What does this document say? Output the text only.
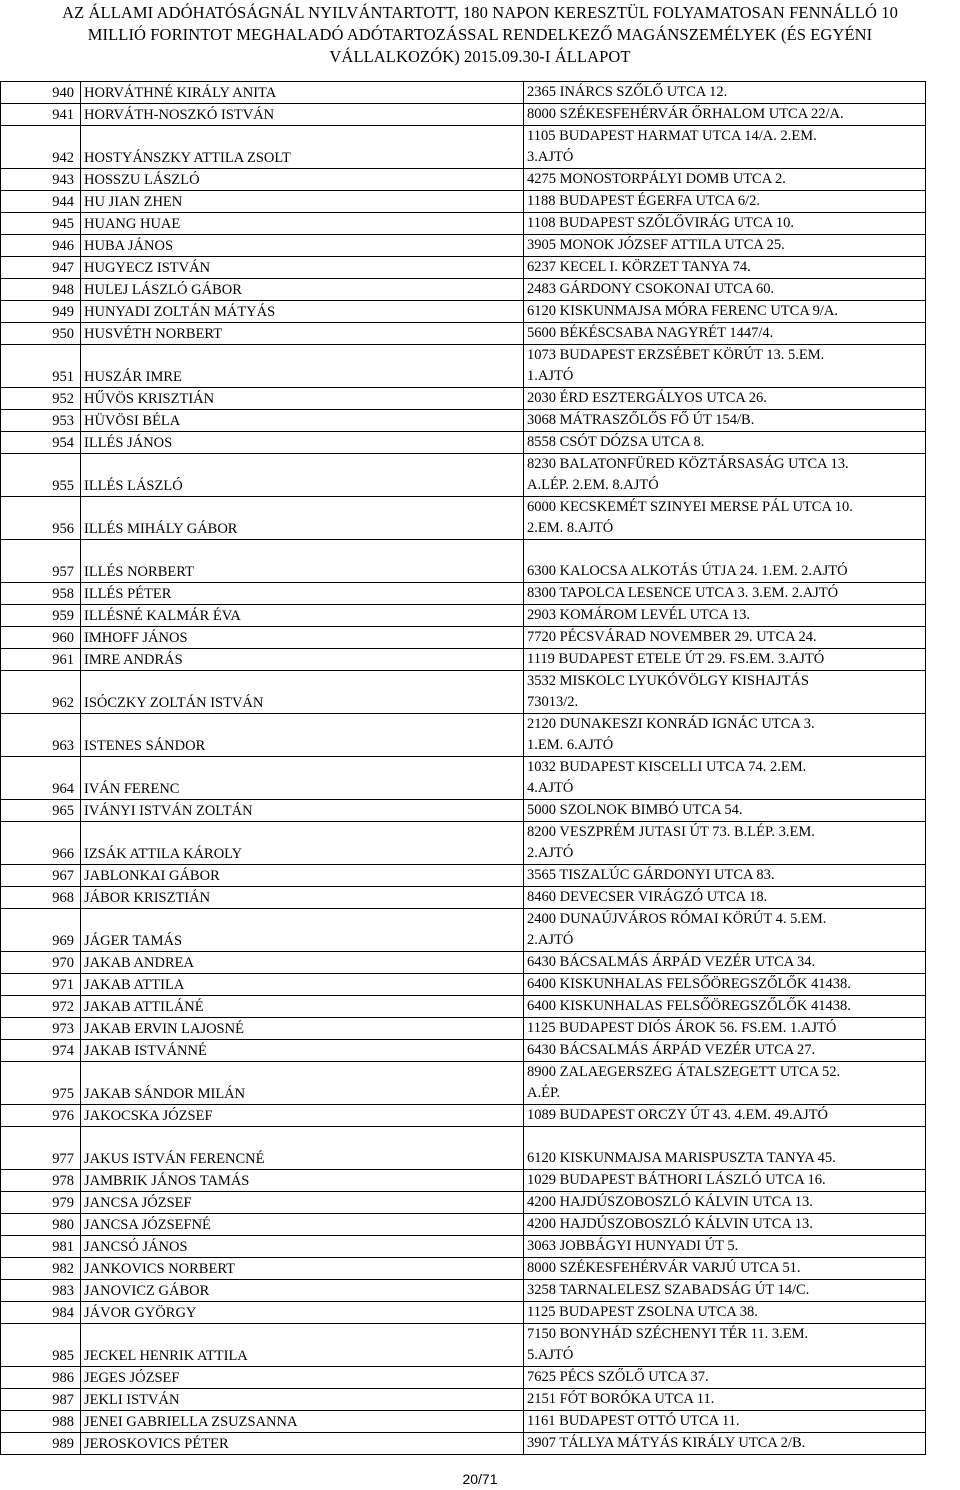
AZ ÁLLAMI ADÓHATÓSÁGNÁL NYILVÁNTARTOTT, 180 NAPON KERESZTÜL FOLYAMATOSAN FENNÁLLÓ 10
MILLIÓ FORINTOT MEGHALADÓ ADÓTARTOZÁSSAL RENDELKEZŐ MAGÁNSZEMÉLYEK (ÉS EGYÉNI
VÁLLALKOZÓK) 2015.09.30-I ÁLLAPOT
940	HORVÁTHNÉ KIRÁLY ANITA	2365 INÁRCS SZŐLŐ UTCA 12.

941	HORVÁTH-NOSZKÓ ISTVÁN	8000 SZÉKESFEHÉRVÁR ŐRHALOM UTCA 22/A.

942	HOSTYÁNSZKY ATTILA ZSOLT	1105 BUDAPEST HARMAT UTCA 14/A. 2.EM.
3.AJTÓ

943	HOSSZU LÁSZLÓ	4275 MONOSTORPÁLYI DOMB UTCA 2.

944	HU JIAN ZHEN	1188 BUDAPEST ÉGERFA UTCA 6/2.

945	HUANG HUAE	1108 BUDAPEST SZŐLŐVIRÁG UTCA 10.

946	HUBA JÁNOS	3905 MONOK JÓZSEF ATTILA UTCA 25.

947	HUGYECZ ISTVÁN	6237 KECEL I. KÖRZET TANYA 74.

948	HULEJ LÁSZLÓ GÁBOR	2483 GÁRDONY CSOKONAI UTCA 60.

949	HUNYADI ZOLTÁN MÁTYÁS	6120 KISKUNMAJSA MÓRA FERENC UTCA 9/A.

950	HUSVÉTH NORBERT	5600 BÉKÉSCSABA NAGYRÉT 1447/4.

951	HUSZÁR IMRE	1073 BUDAPEST ERZSÉBET KÖRÚT 13. 5.EM.
1.AJTÓ

952	HŰVÖS KRISZTIÁN	2030 ÉRD ESZTERGÁLYOS UTCA 26.

953	HÜVÖSI BÉLA	3068 MÁTRASZŐLŐS FŐ ÚT 154/B.

954	ILLÉS JÁNOS	8558 CSÓT DÓZSA UTCA 8.

955	ILLÉS LÁSZLÓ	8230 BALATONFÜRED KÖZTÁRSASÁG UTCA 13.
A.LÉP. 2.EM. 8.AJTÓ

956	ILLÉS MIHÁLY GÁBOR	6000 KECSKEMÉT SZINYEI MERSE PÁL UTCA 10.
2.EM. 8.AJTÓ

957	ILLÉS NORBERT	6300 KALOCSA ALKOTÁS ÚTJA 24. 1.EM. 2.AJTÓ

958	ILLÉS PÉTER	8300 TAPOLCA LESENCE UTCA 3. 3.EM. 2.AJTÓ

959	ILLÉSNÉ KALMÁR ÉVA	2903 KOMÁROM LEVÉL UTCA 13.

960	IMHOFF JÁNOS	7720 PÉCSVÁRAD NOVEMBER 29. UTCA 24.

961	IMRE ANDRÁS	1119 BUDAPEST ETELE ÚT 29. FS.EM. 3.AJTÓ

962	ISÓCZKY ZOLTÁN ISTVÁN	3532 MISKOLC LYUKÓVÖLGY KISHAJTÁS
73013/2.

963	ISTENES SÁNDOR	2120 DUNAKESZI KONRÁD IGNÁC UTCA 3.
1.EM. 6.AJTÓ

964	IVÁN FERENC	1032 BUDAPEST KISCELLI UTCA 74. 2.EM.
4.AJTÓ

965	IVÁNYI ISTVÁN ZOLTÁN	5000 SZOLNOK BIMBÓ UTCA 54.

966	IZSÁK ATTILA KÁROLY	8200 VESZPRÉM JUTASI ÚT 73. B.LÉP. 3.EM.
2.AJTÓ

967	JABLONKAI GÁBOR	3565 TISZALÚC GÁRDONYI UTCA 83.

968	JÁBOR KRISZTIÁN	8460 DEVECSER VIRÁGZÓ UTCA 18.

969	JÁGER TAMÁS	2400 DUNAÚJVÁROS RÓMAI KÖRÚT 4. 5.EM.
2.AJTÓ

970	JAKAB ANDREA	6430 BÁCSALMÁS ÁRPÁD VEZÉR UTCA 34.

971	JAKAB ATTILA	6400 KISKUNHALAS FELSŐÖREGSZŐLŐK 41438.

972	JAKAB ATTILÁNÉ	6400 KISKUNHALAS FELSŐÖREGSZŐLŐK 41438.

973	JAKAB ERVIN LAJOSNÉ	1125 BUDAPEST DIÓS ÁROK 56. FS.EM. 1.AJTÓ

974	JAKAB ISTVÁNNÉ	6430 BÁCSALMÁS ÁRPÁD VEZÉR UTCA 27.

975	JAKAB SÁNDOR MILÁN	8900 ZALAEGERSZEG ÁTALSZEGETT UTCA 52.
A.ÉP.

976	JAKOCSKA JÓZSEF	1089 BUDAPEST ORCZY ÚT 43. 4.EM. 49.AJTÓ

977	JAKUS ISTVÁN FERENCNÉ	6120 KISKUNMAJSA MARISPUSZTA TANYA 45.

978	JAMBRIK JÁNOS TAMÁS	1029 BUDAPEST BÁTHORI LÁSZLÓ UTCA 16.

979	JANCSA JÓZSEF	4200 HAJDÚSZOBOSZLÓ KÁLVIN UTCA 13.

980	JANCSA JÓZSEFNÉ	4200 HAJDÚSZOBOSZLÓ KÁLVIN UTCA 13.

981	JANCSÓ JÁNOS	3063 JOBBÁGYI HUNYADI ÚT 5.

982	JANKOVICS NORBERT	8000 SZÉKESFEHÉRVÁR VARJÚ UTCA 51.

983	JANOVICZ GÁBOR	3258 TARNALELESZ SZABADSÁG ÚT 14/C.

984	JÁVOR GYÖRGY	1125 BUDAPEST ZSOLNA UTCA 38.

985	JECKEL HENRIK ATTILA	7150 BONYHÁD SZÉCHENYI TÉR 11. 3.EM.
5.AJTÓ

986	JEGES JÓZSEF	7625 PÉCS SZŐLŐ UTCA 37.

987	JEKLI ISTVÁN	2151 FÓT BORÓKA UTCA 11.

988	JENEI GABRIELLA ZSUZSANNA	1161 BUDAPEST OTTÓ UTCA 11.

989	JEROSKOVICS PÉTER	3907 TÁLLYA MÁTYÁS KIRÁLY UTCA 2/B.
20/71
